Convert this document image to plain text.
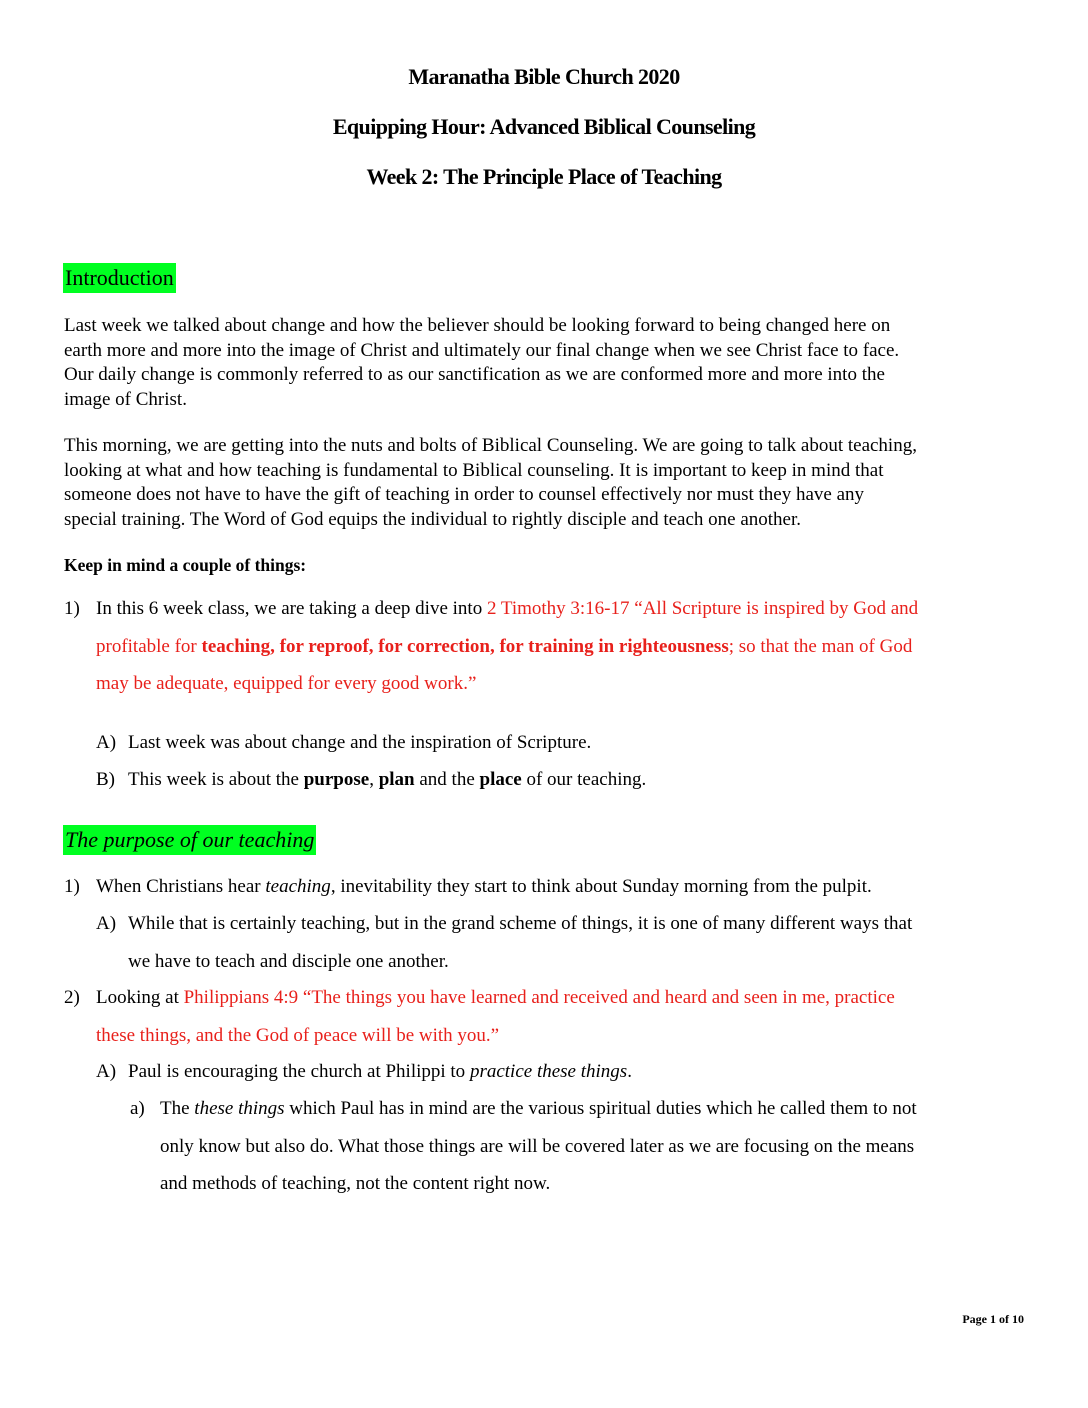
Maranatha Bible Church 2020
Equipping Hour: Advanced Biblical Counseling
Week 2: The Principle Place of Teaching
Introduction
Last week we talked about change and how the believer should be looking forward to being changed here on
earth more and more into the image of Christ and ultimately our final change when we see Christ face to face.
Our daily change is commonly referred to as our sanctification as we are conformed more and more into the
image of Christ.
This morning, we are getting into the nuts and bolts of Biblical Counseling. We are going to talk about teaching,
looking at what and how teaching is fundamental to Biblical counseling. It is important to keep in mind that
someone does not have to have the gift of teaching in order to counsel effectively nor must they have any
special training. The Word of God equips the individual to rightly disciple and teach one another.
Keep in mind a couple of things:
1) In this 6 week class, we are taking a deep dive into 2 Timothy 3:16-17 “All Scripture is inspired by God and
profitable for teaching, for reproof, for correction, for training in righteousness; so that the man of God
may be adequate, equipped for every good work.”
A) Last week was about change and the inspiration of Scripture.
B) This week is about the purpose, plan and the place of our teaching.
The purpose of our teaching
1) When Christians hear teaching, inevitability they start to think about Sunday morning from the pulpit.
A) While that is certainly teaching, but in the grand scheme of things, it is one of many different ways that
we have to teach and disciple one another.
2) Looking at Philippians 4:9 “The things you have learned and received and heard and seen in me, practice
these things, and the God of peace will be with you.”
A) Paul is encouraging the church at Philippi to practice these things.
a) The these things which Paul has in mind are the various spiritual duties which he called them to not
only know but also do. What those things are will be covered later as we are focusing on the means
and methods of teaching, not the content right now.
Page 1 of 10
